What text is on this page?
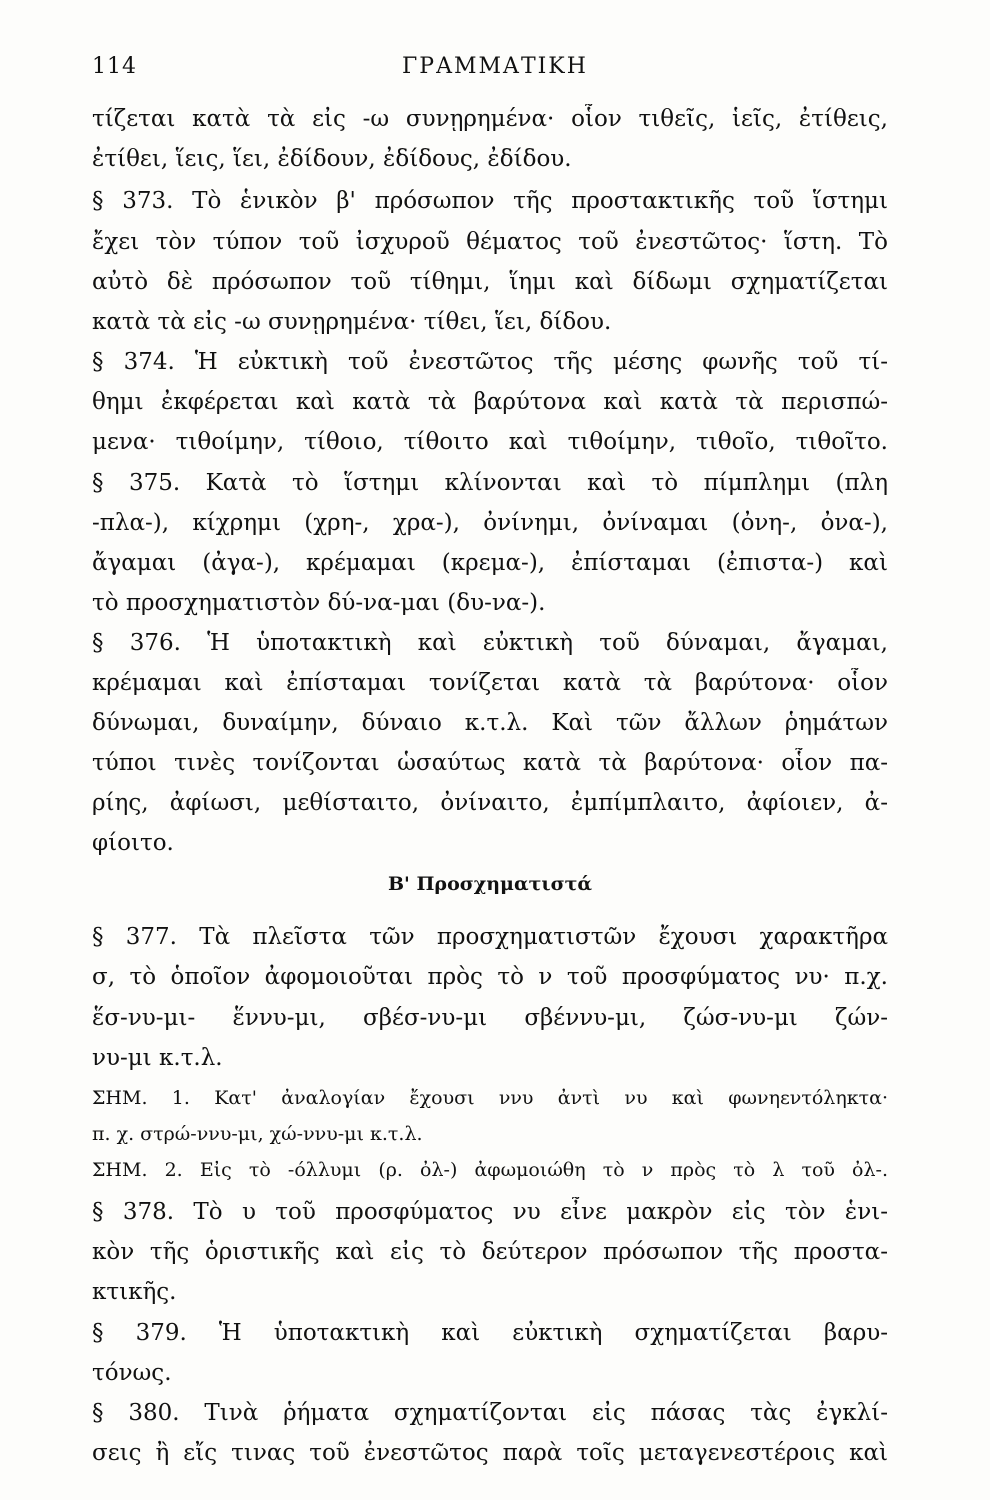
114	ΓΡΑΜΜΑΤΙΚΗ
τίζεται κατὰ τὰ εἰς -ω συνῃρημένα· οἷον τιθεῖς, ἱεῖς, ἐτίθεις,
ἐτίθει, ἵεις, ἵει, ἐδίδουν, ἐδίδους, ἐδίδου.
§ 373. Τὸ ἑνικὸν β' πρόσωπον τῆς προστακτικῆς τοῦ ἵστημι
ἔχει τὸν τύπον τοῦ ἰσχυροῦ θέματος τοῦ ἐνεστῶτος· ἵστη. Τὸ
αὐτὸ δὲ πρόσωπον τοῦ τίθημι, ἵημι καὶ δίδωμι σχηματίζεται
κατὰ τὰ εἰς -ω συνῃρημένα· τίθει, ἵει, δίδου.
§ 374. Ἡ εὐκτικὴ τοῦ ἐνεστῶτος τῆς μέσης φωνῆς τοῦ τί-
θημι ἐκφέρεται καὶ κατὰ τὰ βαρύτονα καὶ κατὰ τὰ περισπώ-
μενα· τιθοίμην, τίθοιο, τίθοιτο καὶ τιθοίμην, τιθοῖο, τιθοῖτο.
§ 375. Κατὰ τὸ ἵστημι κλίνονται καὶ τὸ πίμπλημι (πλη
-πλα-), κίχρημι (χρη-, χρα-), ὀνίνημι, ὀνίναμαι (ὀνη-, ὀνα-),
ἄγαμαι (ἀγα-), κρέμαμαι (κρεμα-), ἐπίσταμαι (ἐπιστα-) καὶ
τὸ προσχηματιστὸν δύ-να-μαι (δυ-να-).
§ 376. Ἡ ὑποτακτικὴ καὶ εὐκτικὴ τοῦ δύναμαι, ἄγαμαι,
κρέμαμαι καὶ ἐπίσταμαι τονίζεται κατὰ τὰ βαρύτονα· οἷον
δύνωμαι, δυναίμην, δύναιο κ.τ.λ. Καὶ τῶν ἄλλων ῥημάτων
τύποι τινὲς τονίζονται ὡσαύτως κατὰ τὰ βαρύτονα· οἷον πα-
ρίης, ἀφίωσι, μεθίσταιτο, ὀνίναιτο, ἐμπίμπλαιτο, ἀφίοιεν, ἀ-
φίοιτο.
Β' Προσχηματιστά
§ 377. Τὰ πλεῖστα τῶν προσχηματιστῶν ἔχουσι χαρακτῆρα
σ, τὸ ὁποῖον ἀφομοιοῦται πρὸς τὸ ν τοῦ προσφύματος νυ· π.χ.
ἕσ-νυ-μι- ἕννυ-μι, σβέσ-νυ-μι σβέννυ-μι, ζώσ-νυ-μι ζών-
νυ-μι κ.τ.λ.
ΣΗΜ. 1. Κατ' ἀναλογίαν ἔχουσι ννυ ἀντὶ νυ καὶ φωνηεντόληκτα·
π. χ. στρώ-ννυ-μι, χώ-ννυ-μι κ.τ.λ.
ΣΗΜ. 2. Εἰς τὸ -όλλυμι (ρ. ὀλ-) ἀφωμοιώθη τὸ ν πρὸς τὸ λ τοῦ ὀλ-.
§ 378. Τὸ υ τοῦ προσφύματος νυ εἶνε μακρὸν εἰς τὸν ἑνι-
κὸν τῆς ὁριστικῆς καὶ εἰς τὸ δεύτερον πρόσωπον τῆς προστα-
κτικῆς.
§ 379. Ἡ ὑποτακτικὴ καὶ εὐκτικὴ σχηματίζεται βαρυ-
τόνως.
§ 380. Τινὰ ῥήματα σχηματίζονται εἰς πάσας τὰς ἐγκλί-
σεις ἢ εἴς τινας τοῦ ἐνεστῶτος παρὰ τοῖς μεταγενεστέροις καὶ
